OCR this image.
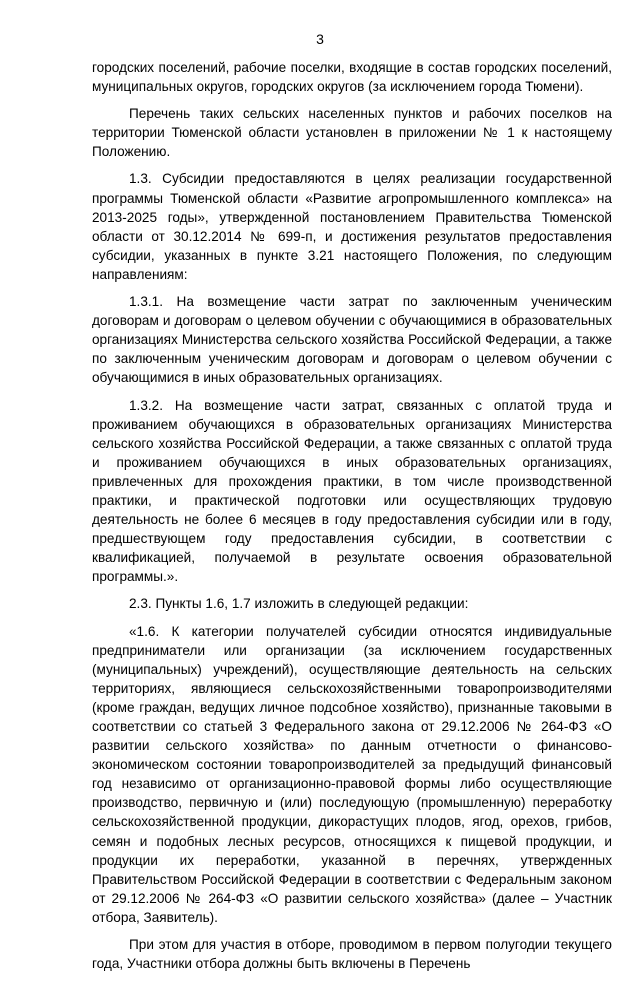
3

городских поселений, рабочие поселки, входящие в состав городских поселений, муниципальных округов, городских округов (за исключением города Тюмени).

Перечень таких сельских населенных пунктов и рабочих поселков на территории Тюменской области установлен в приложении № 1 к настоящему Положению.

1.3. Субсидии предоставляются в целях реализации государственной программы Тюменской области «Развитие агропромышленного комплекса» на 2013-2025 годы», утвержденной постановлением Правительства Тюменской области от 30.12.2014 № 699-п, и достижения результатов предоставления субсидии, указанных в пункте 3.21 настоящего Положения, по следующим направлениям:

1.3.1. На возмещение части затрат по заключенным ученическим договорам и договорам о целевом обучении с обучающимися в образовательных организациях Министерства сельского хозяйства Российской Федерации, а также по заключенным ученическим договорам и договорам о целевом обучении с обучающимися в иных образовательных организациях.

1.3.2. На возмещение части затрат, связанных с оплатой труда и проживанием обучающихся в образовательных организациях Министерства сельского хозяйства Российской Федерации, а также связанных с оплатой труда и проживанием обучающихся в иных образовательных организациях, привлеченных для прохождения практики, в том числе производственной практики, и практической подготовки или осуществляющих трудовую деятельность не более 6 месяцев в году предоставления субсидии или в году, предшествующем году предоставления субсидии, в соответствии с квалификацией, получаемой в результате освоения образовательной программы.».

2.3. Пункты 1.6, 1.7 изложить в следующей редакции:

«1.6. К категории получателей субсидии относятся индивидуальные предприниматели или организации (за исключением государственных (муниципальных) учреждений), осуществляющие деятельность на сельских территориях, являющиеся сельскохозяйственными товаропроизводителями (кроме граждан, ведущих личное подсобное хозяйство), признанные таковыми в соответствии со статьей 3 Федерального закона от 29.12.2006 № 264-ФЗ «О развитии сельского хозяйства» по данным отчетности о финансово-экономическом состоянии товаропроизводителей за предыдущий финансовый год независимо от организационно-правовой формы либо осуществляющие производство, первичную и (или) последующую (промышленную) переработку сельскохозяйственной продукции, дикорастущих плодов, ягод, орехов, грибов, семян и подобных лесных ресурсов, относящихся к пищевой продукции, и продукции их переработки, указанной в перечнях, утвержденных Правительством Российской Федерации в соответствии с Федеральным законом от 29.12.2006 № 264-ФЗ «О развитии сельского хозяйства» (далее – Участник отбора, Заявитель).

При этом для участия в отборе, проводимом в первом полугодии текущего года, Участники отбора должны быть включены в Перечень
